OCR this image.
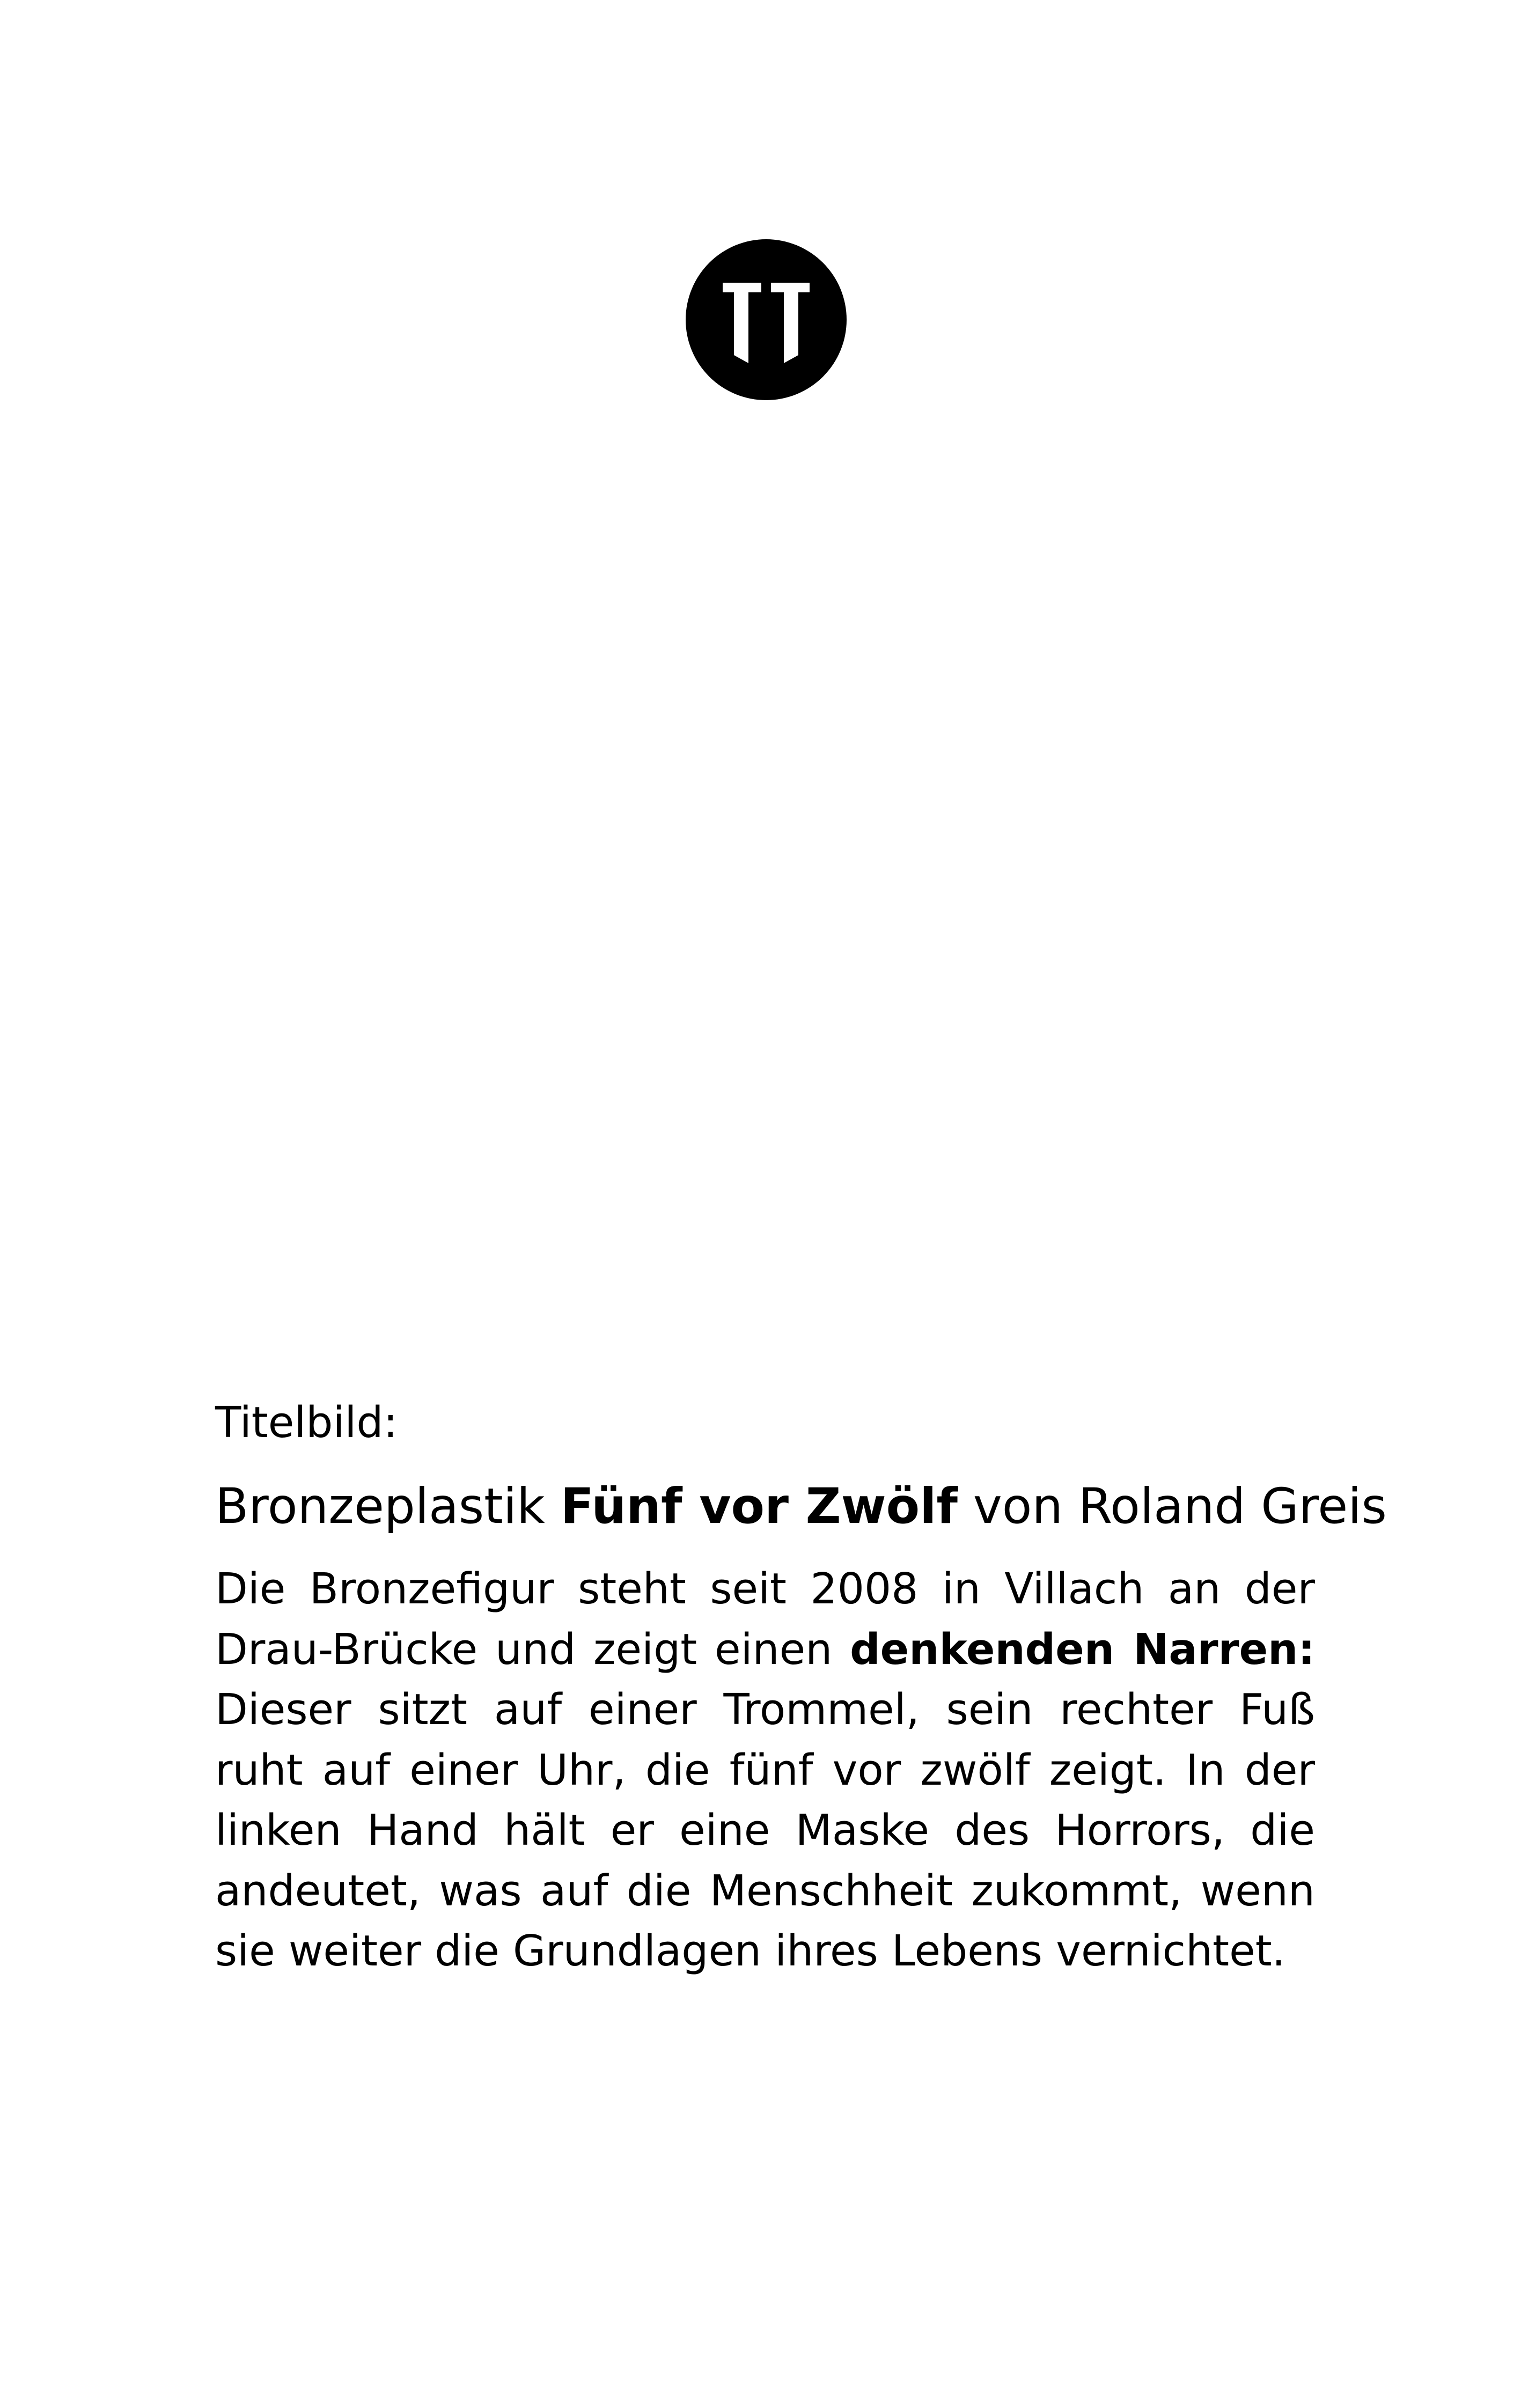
Titelbild:

Bronzeplastik Fünf vor Zwölf von Roland Greis

Die Bronzefigur steht seit 2008 in Villach an der Drau-Brücke und zeigt einen denkenden Narren: Dieser sitzt auf einer Trommel, sein rechter Fuß ruht auf einer Uhr, die fünf vor zwölf zeigt. In der linken Hand hält er eine Maske des Horrors, die andeutet, was auf die Menschheit zukommt, wenn sie weiter die Grundlagen ihres Lebens vernichtet.
